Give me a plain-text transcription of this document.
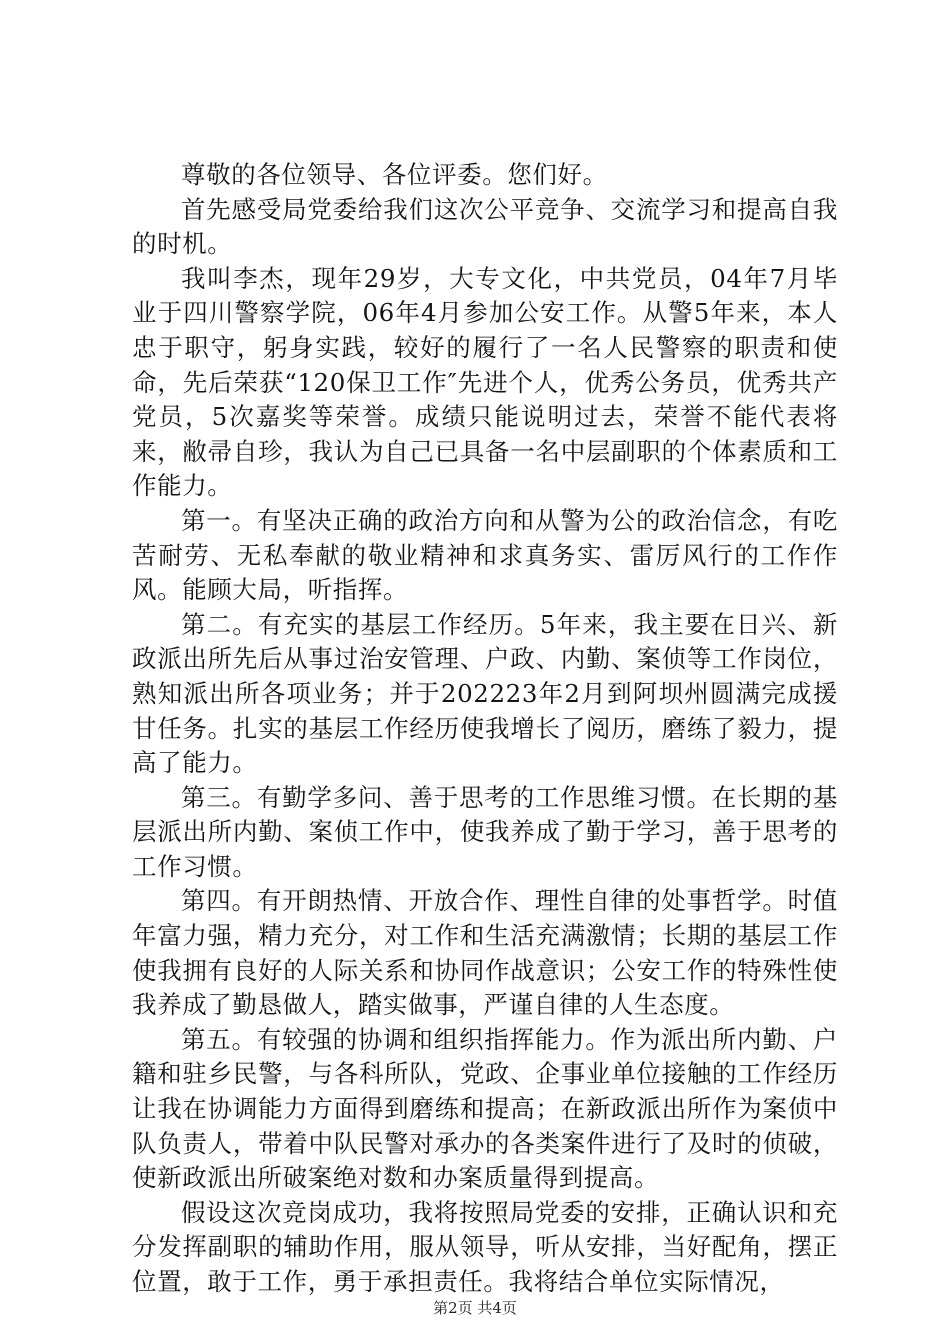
尊敬的各位领导、各位评委。您们好。

首先感受局党委给我们这次公平竞争、交流学习和提高自我的时机。

我叫李杰，现年29岁，大专文化，中共党员，04年7月毕业于四川警察学院，06年4月参加公安工作。从警5年来，本人忠于职守，躬身实践，较好的履行了一名人民警察的职责和使命，先后荣获“120保卫工作″先进个人，优秀公务员，优秀共产党员，5次嘉奖等荣誉。成绩只能说明过去，荣誉不能代表将来，敝帚自珍，我认为自己已具备一名中层副职的个体素质和工作能力。

第一。有坚决正确的政治方向和从警为公的政治信念，有吃苦耐劳、无私奉献的敬业精神和求真务实、雷厉风行的工作作风。能顾大局，听指挥。

第二。有充实的基层工作经历。5年来，我主要在日兴、新政派出所先后从事过治安管理、户政、内勤、案侦等工作岗位，熟知派出所各项业务；并于202223年2月到阿坝州圆满完成援甘任务。扎实的基层工作经历使我增长了阅历，磨练了毅力，提高了能力。

第三。有勤学多问、善于思考的工作思维习惯。在长期的基层派出所内勤、案侦工作中，使我养成了勤于学习，善于思考的工作习惯。

第四。有开朗热情、开放合作、理性自律的处事哲学。时值年富力强，精力充分，对工作和生活充满激情；长期的基层工作使我拥有良好的人际关系和协同作战意识；公安工作的特殊性使我养成了勤恳做人，踏实做事，严谨自律的人生态度。

第五。有较强的协调和组织指挥能力。作为派出所内勤、户籍和驻乡民警，与各科所队，党政、企事业单位接触的工作经历让我在协调能力方面得到磨练和提高；在新政派出所作为案侦中队负责人，带着中队民警对承办的各类案件进行了及时的侦破，使新政派出所破案绝对数和办案质量得到提高。

假设这次竞岗成功，我将按照局党委的安排，正确认识和充分发挥副职的辅助作用，服从领导，听从安排，当好配角，摆正位置，敢于工作，勇于承担责任。我将结合单位实际情况，

第2页 共4页
